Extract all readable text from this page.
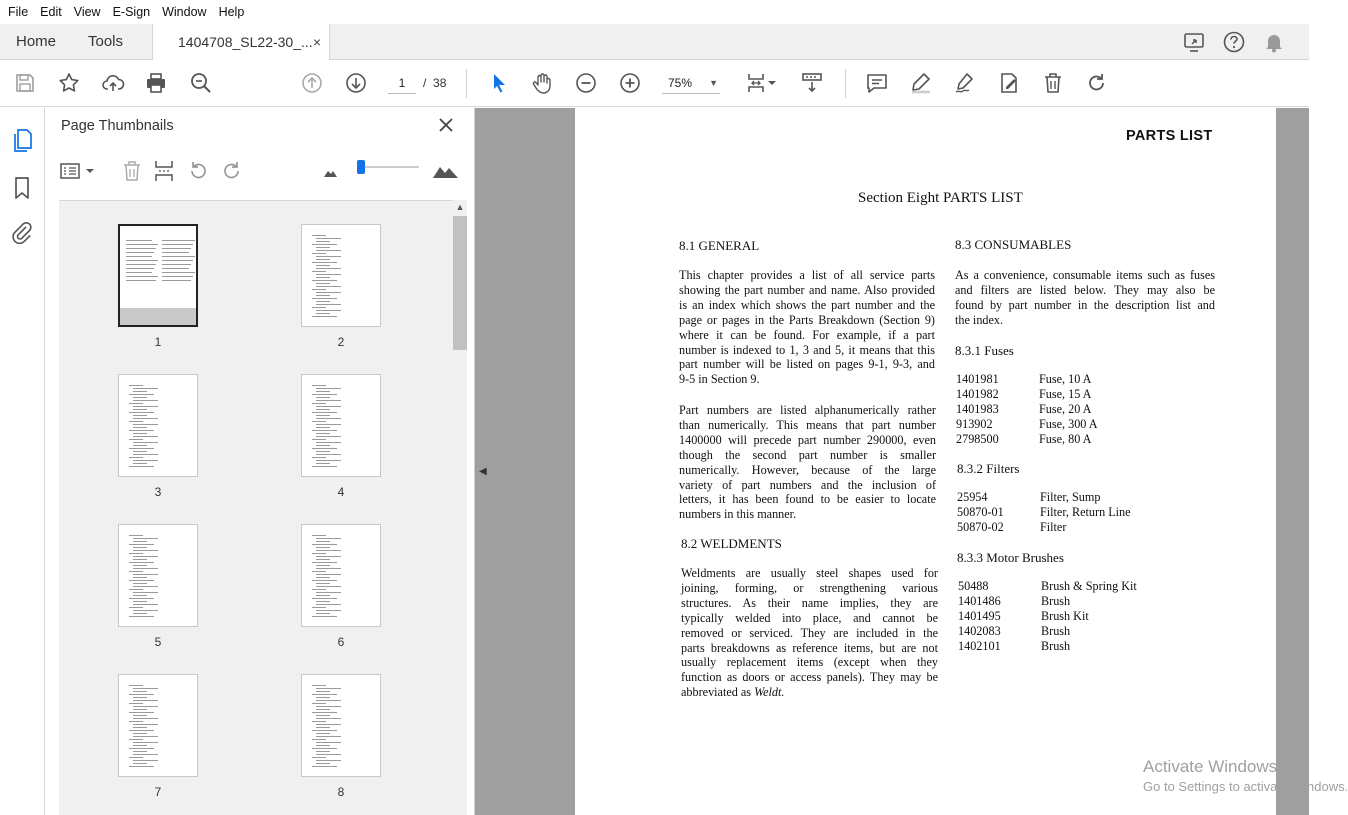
File Edit View E-Sign Window Help
Home Tools	1404708_SL22-30_... ×
1	/ 38	75% ▼
Page Thumbnails
1	2
3	4
5	6
7	8
▲
◀
PARTS LIST
Section Eight PARTS LIST
8.1 GENERAL
This chapter provides a list of all service parts
showing the part number and name. Also provided
is an index which shows the part number and the
page or pages in the Parts Breakdown (Section 9)
where it can be found. For example, if a part
number is indexed to 1, 3 and 5, it means that this
part number will be listed on pages 9-1, 9-3, and
9-5 in Section 9.
Part numbers are listed alphanumerically rather
than numerically. This means that part number
1400000 will precede part number 290000, even
though the second part number is smaller
numerically. However, because of the large
variety of part numbers and the inclusion of
letters, it has been found to be easier to locate
numbers in this manner.
8.2 WELDMENTS
Weldments are usually steel shapes used for
joining, forming, or strengthening various
structures. As their name implies, they are
typically welded into place, and cannot be
removed or serviced. They are included in the
parts breakdowns as reference items, but are not
usually replacement items (except when they
function as doors or access panels). They may be
abbreviated as Weldt.
8.3 CONSUMABLES
As a convenience, consumable items such as fuses
and filters are listed below. They may also be
found by part number in the description list and
the index.
8.3.1 Fuses
1401981	Fuse, 10 A
1401982	Fuse, 15 A
1401983	Fuse, 20 A
913902	Fuse, 300 A
2798500	Fuse, 80 A
8.3.2 Filters
25954	Filter, Sump
50870-01	Filter, Return Line
50870-02	Filter
8.3.3 Motor Brushes
50488	Brush & Spring Kit
1401486	Brush
1401495	Brush Kit
1402083	Brush
1402101	Brush
Activate Windows
Go to Settings to activate Windows.
